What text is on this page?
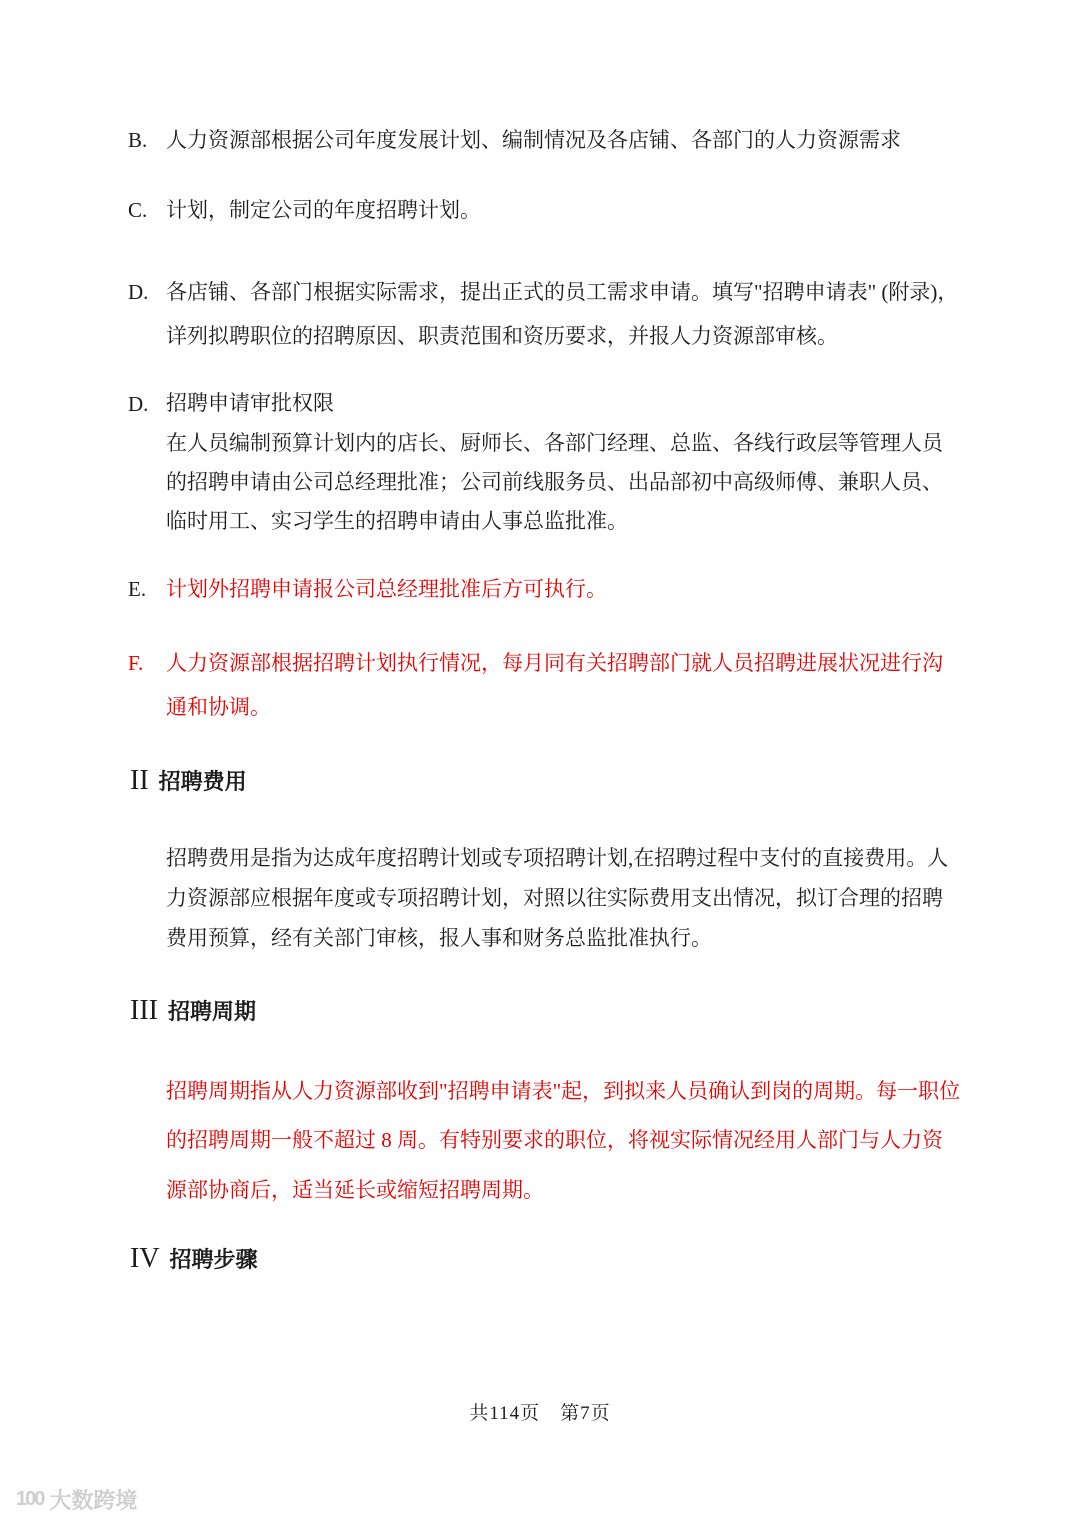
B. 人力资源部根据公司年度发展计划、编制情况及各店铺、各部门的人力资源需求
C. 计划，制定公司的年度招聘计划。
D. 各店铺、各部门根据实际需求，提出正式的员工需求申请。填写"招聘申请表" (附录)，详列拟聘职位的招聘原因、职责范围和资历要求，并报人力资源部审核。
D. 招聘申请审批权限
在人员编制预算计划内的店长、厨师长、各部门经理、总监、各线行政层等管理人员的招聘申请由公司总经理批准；公司前线服务员、出品部初中高级师傅、兼职人员、临时用工、实习学生的招聘申请由人事总监批准。
E. 计划外招聘申请报公司总经理批准后方可执行。
F.	人力资源部根据招聘计划执行情况，每月同有关招聘部门就人员招聘进展状况进行沟通和协调。
II 招聘费用
招聘费用是指为达成年度招聘计划或专项招聘计划,在招聘过程中支付的直接费用。人力资源部应根据年度或专项招聘计划，对照以往实际费用支出情况，拟订合理的招聘费用预算，经有关部门审核，报人事和财务总监批准执行。
III 招聘周期
招聘周期指从人力资源部收到"招聘申请表"起，到拟来人员确认到岗的周期。每一职位的招聘周期一般不超过 8 周。有特别要求的职位，将视实际情况经用人部门与人力资源部协商后，适当延长或缩短招聘周期。
IV 招聘步骤
共114页　第7页
100 大数跨境
